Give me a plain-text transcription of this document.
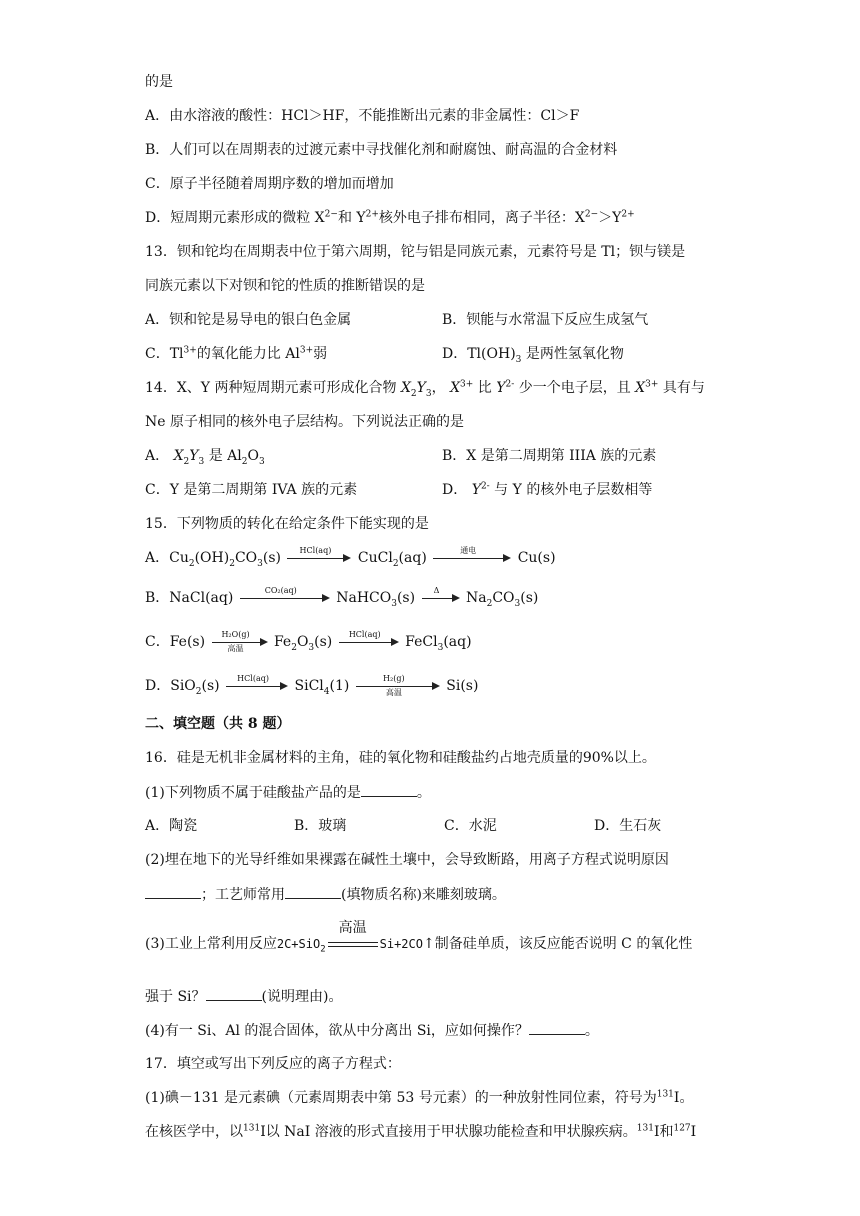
的是
A．由水溶液的酸性：HCl＞HF，不能推断出元素的非金属性：Cl＞F
B．人们可以在周期表的过渡元素中寻找催化剂和耐腐蚀、耐高温的合金材料
C．原子半径随着周期序数的增加而增加
D．短周期元素形成的微粒 $X^{2-}$和 $Y^{2+}$核外电子排布相同，离子半径：$X^{2-}>Y^{2+}$
13．钡和铊均在周期表中位于第六周期，铊与铝是同族元素，元素符号是 Tl；钡与镁是
同族元素以下对钡和铊的性质的推断错误的是
A．钡和铊是易导电的银白色金属	B．钡能与水常温下反应生成氢气
C．$Tl^{3+}$的氧化能力比 $Al^{3+}$弱	D．$Tl(OH)_3$ 是两性氢氧化物
14．X、Y 两种短周期元素可形成化合物 $X_2Y_3$， $X^{3+}$ 比 $Y^{2-}$ 少一个电子层，且 $X^{3+}$ 具有与
Ne 原子相同的核外电子层结构。下列说法正确的是
A． $X_2Y_3$ 是 $Al_2O_3$	B．X 是第二周期第 IIIA 族的元素
C．Y 是第二周期第 IVA 族的元素	D． $Y^{2-}$ 与 Y 的核外电子层数相等
15．下列物质的转化在给定条件下能实现的是
A．$Cu_2(OH)_2CO_3(s)$	HCl(aq)	CuCl$_2$(aq)	通电	Cu(s)
B．NaCl(aq)	CO₂(aq)	NaHCO$_3$(s)	Δ	$Na_2CO_3(s)$
C．Fe(s)	H₂O(g)
高温	$Fe_2O_3(s)$	HCl(aq)	FeCl$_3$(aq)
D．SiO$_2$(s)	HCl(aq)	SiCl$_4$(1)	H₂(g)
高温	Si(s)
二、填空题（共 8 题）
16．硅是无机非金属材料的主角，硅的氧化物和硅酸盐约占地壳质量的90%以上。
(1)下列物质不属于硅酸盐产品的是	。
A．陶瓷	B．玻璃	C．水泥	D．生石灰
(2)埋在地下的光导纤维如果裸露在碱性土壤中，会导致断路，用离子方程式说明原因
；工艺师常用	(填物质名称)来雕刻玻璃。
(3)工业上常利用反应2C+SiO$_2$
高温
Si+2CO↑制备硅单质，该反应能否说明 C 的氧化性
强于 Si？	(说明理由)。
(4)有一 Si、Al 的混合固体，欲从中分离出 Si，应如何操作？	。
17．填空或写出下列反应的离子方程式：
(1)碘－131 是元素碘（元素周期表中第 53 号元素）的一种放射性同位素，符号为$^{131}$I。
在核医学中，以$^{131}$I以 NaI 溶液的形式直接用于甲状腺功能检查和甲状腺疾病。$^{131}$I和$^{127}$I
